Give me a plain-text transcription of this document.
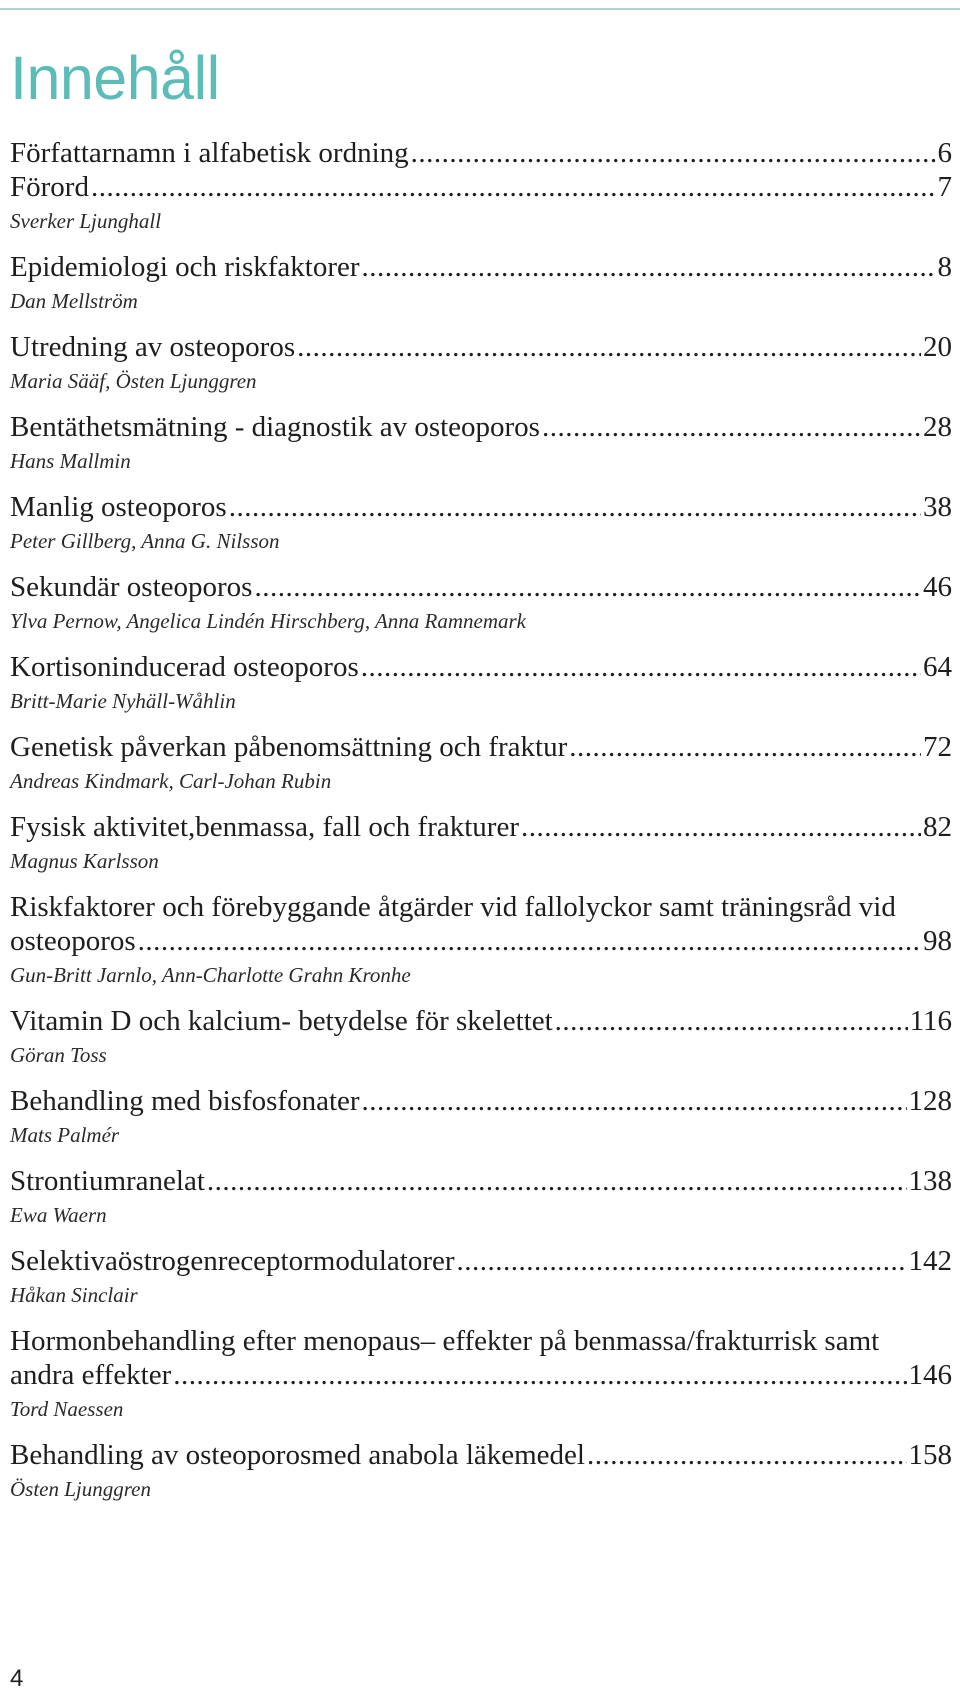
Innehåll
Författarnamn i alfabetisk ordning .....	6
Förord .....	7
Sverker Ljunghall
Epidemiologi och riskfaktorer .....	8
Dan Mellström
Utredning av osteoporos .....	20
Maria Sääf, Östen Ljunggren
Bentäthetsmätning - diagnostik av osteoporos .....	28
Hans Mallmin
Manlig osteoporos .....	38
Peter Gillberg, Anna G. Nilsson
Sekundär osteoporos .....	46
Ylva Pernow, Angelica Lindén Hirschberg, Anna Ramnemark
Kortisoninducerad osteoporos .....	64
Britt-Marie Nyhäll-Wåhlin
Genetisk påverkan påbenomsättning och fraktur .....	72
Andreas Kindmark, Carl-Johan Rubin
Fysisk aktivitet,benmassa, fall och frakturer .....	82
Magnus Karlsson
Riskfaktorer och förebyggande åtgärder vid fallolyckor samt träningsråd vid
osteoporos .....	98
Gun-Britt Jarnlo, Ann-Charlotte Grahn Kronhe
Vitamin D och kalcium- betydelse för skelettet .....	116
Göran Toss
Behandling med bisfosfonater .....	128
Mats Palmér
Strontiumranelat .....	138
Ewa Waern
Selektivaöstrogenreceptormodulatorer .....	142
Håkan Sinclair
Hormonbehandling efter menopaus– effekter på benmassa/frakturrisk samt
andra effekter .....	146
Tord Naessen
Behandling av osteoporosmed anabola läkemedel .....	158
Östen Ljunggren
4
